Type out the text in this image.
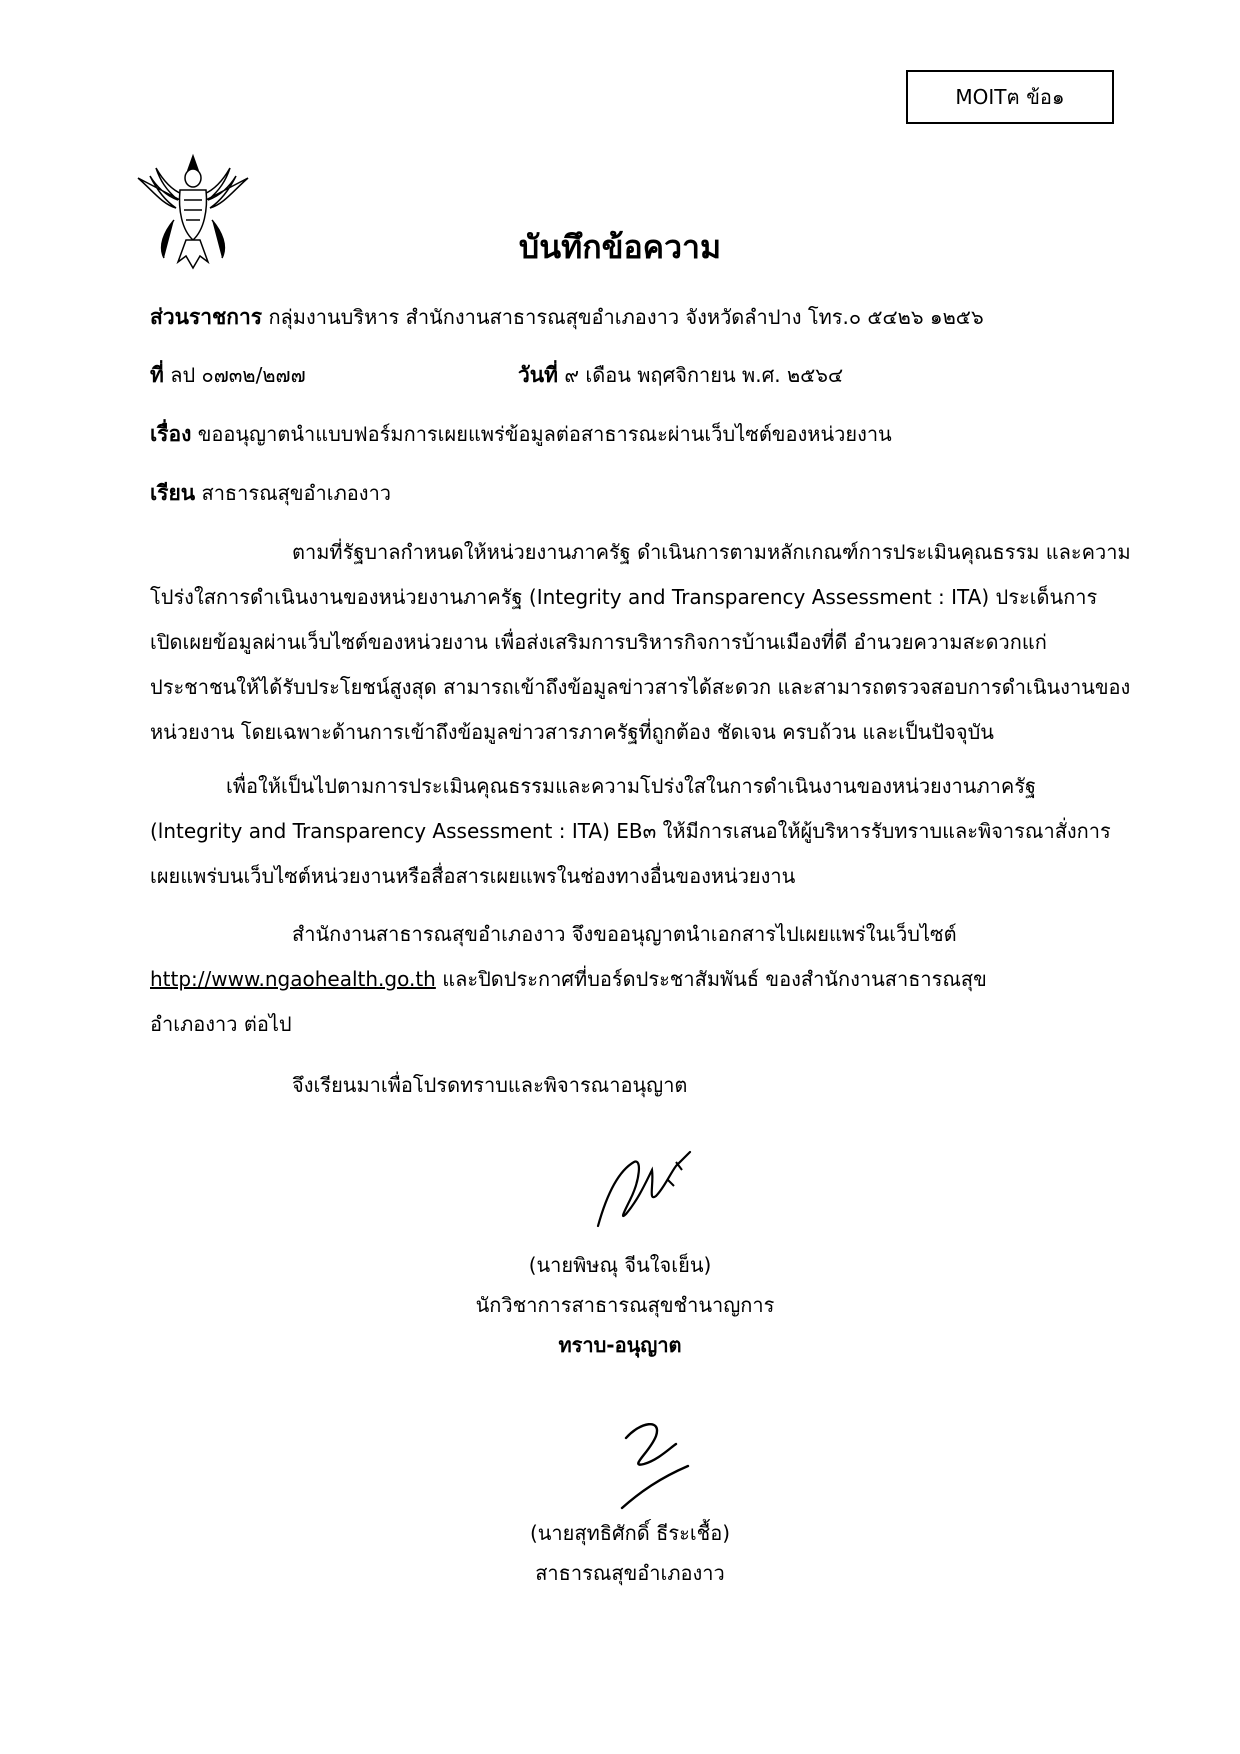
MOITฅ ข้อ๑
บันทึกข้อความ
ส่วนราชการ กลุ่มงานบริหาร สำนักงานสาธารณสุขอำเภองาว จังหวัดลำปาง โทร.๐ ๕๔๒๖ ๑๒๕๖
ที่ ลป ๐๗๓๒/๒๗๗	วันที่ ๙ เดือน พฤศจิกายน พ.ศ. ๒๕๖๔
เรื่อง ขออนุญาตนำแบบฟอร์มการเผยแพร่ข้อมูลต่อสาธารณะผ่านเว็บไซต์ของหน่วยงาน
เรียน สาธารณสุขอำเภองาว
ตามที่รัฐบาลกำหนดให้หน่วยงานภาครัฐ ดำเนินการตามหลักเกณฑ์การประเมินคุณธรรม และความ
โปร่งใสการดำเนินงานของหน่วยงานภาครัฐ (Integrity and Transparency Assessment : ITA) ประเด็นการ
เปิดเผยข้อมูลผ่านเว็บไซต์ของหน่วยงาน เพื่อส่งเสริมการบริหารกิจการบ้านเมืองที่ดี อำนวยความสะดวกแก่
ประชาชนให้ได้รับประโยชน์สูงสุด สามารถเข้าถึงข้อมูลข่าวสารได้สะดวก และสามารถตรวจสอบการดำเนินงานของ
หน่วยงาน โดยเฉพาะด้านการเข้าถึงข้อมูลข่าวสารภาครัฐที่ถูกต้อง ชัดเจน ครบถ้วน และเป็นปัจจุบัน
เพื่อให้เป็นไปตามการประเมินคุณธรรมและความโปร่งใสในการดำเนินงานของหน่วยงานภาครัฐ
(lntegrity and Transparency Assessment : ITA) EB๓ ให้มีการเสนอให้ผู้บริหารรับทราบและพิจารณาสั่งการ
เผยแพร่บนเว็บไซต์หน่วยงานหรือสื่อสารเผยแพรในช่องทางอื่นของหน่วยงาน
สำนักงานสาธารณสุขอำเภองาว จึงขออนุญาตนำเอกสารไปเผยแพร่ในเว็บไซต์
http://www.ngaohealth.go.th และปิดประกาศที่บอร์ดประชาสัมพันธ์ ของสำนักงานสาธารณสุข
อำเภองาว ต่อไป
จึงเรียนมาเพื่อโปรดทราบและพิจารณาอนุญาต
(นายพิษณุ จีนใจเย็น)
นักวิชาการสาธารณสุขชำนาญการ
ทราบ-อนุญาต
(นายสุทธิศักดิ์ ธีระเชื้อ)
สาธารณสุขอำเภองาว
